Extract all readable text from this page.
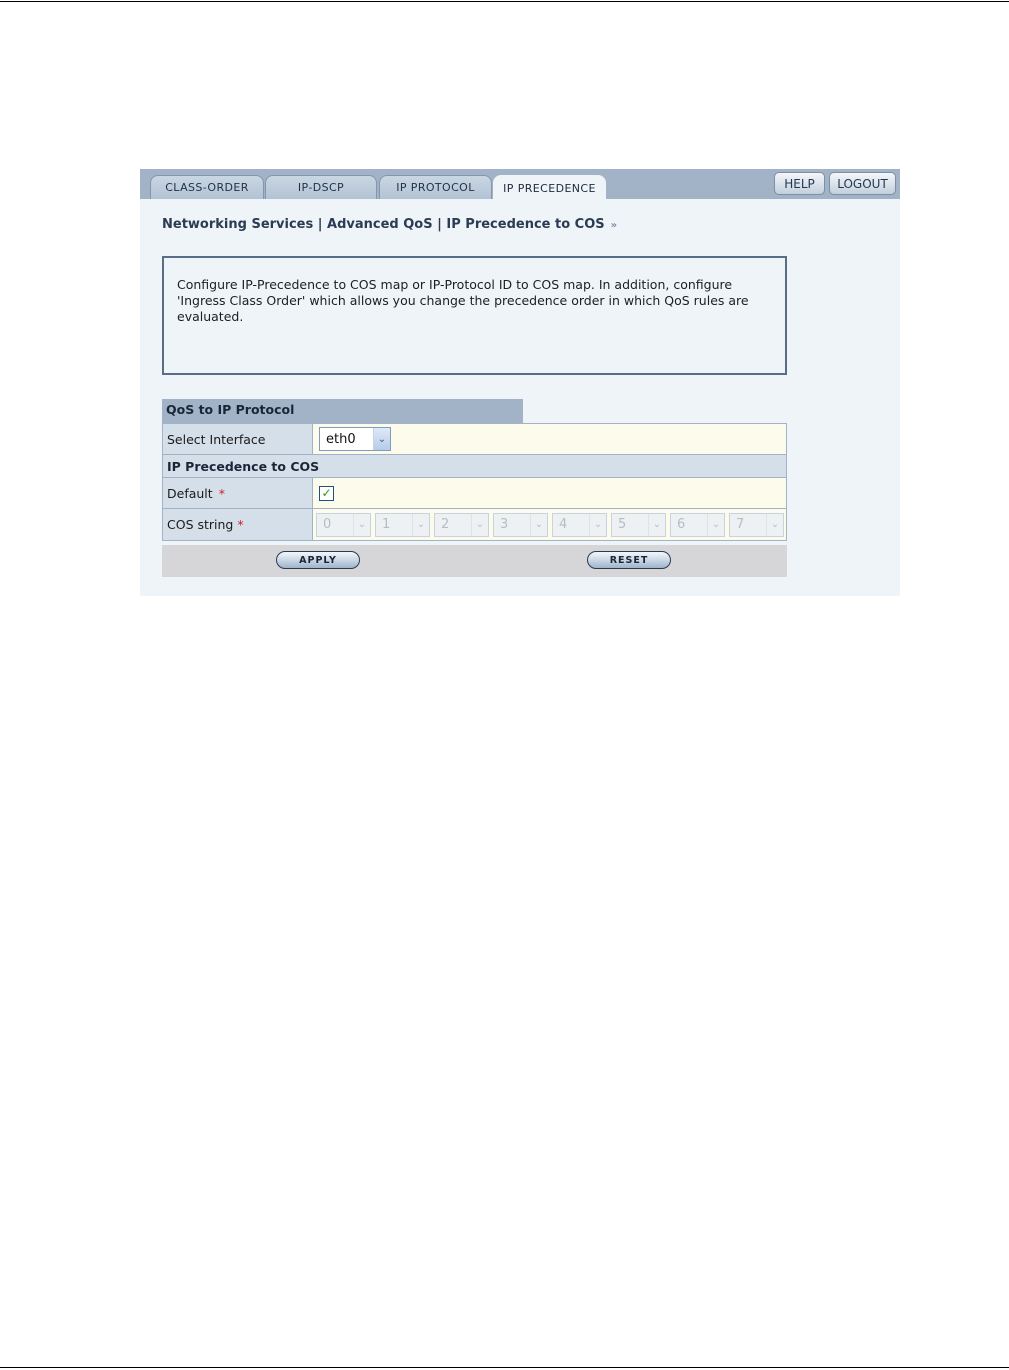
CLASS-ORDER	IP-DSCP	IP PROTOCOL	IP PRECEDENCE	HELP	LOGOUT
Networking Services | Advanced QoS | IP Precedence to COS »
Configure IP-Precedence to COS map or IP-Protocol ID to COS map. In addition, configure 'Ingress Class Order' which allows you change the precedence order in which QoS rules are evaluated.
QoS to IP Protocol
Select Interface	eth0	⌄
IP Precedence to COS
Default *	✓
COS string *	0	⌄	1	⌄	2	⌄	3	⌄	4	⌄	5	⌄	6	⌄	7	⌄
APPLY	RESET
